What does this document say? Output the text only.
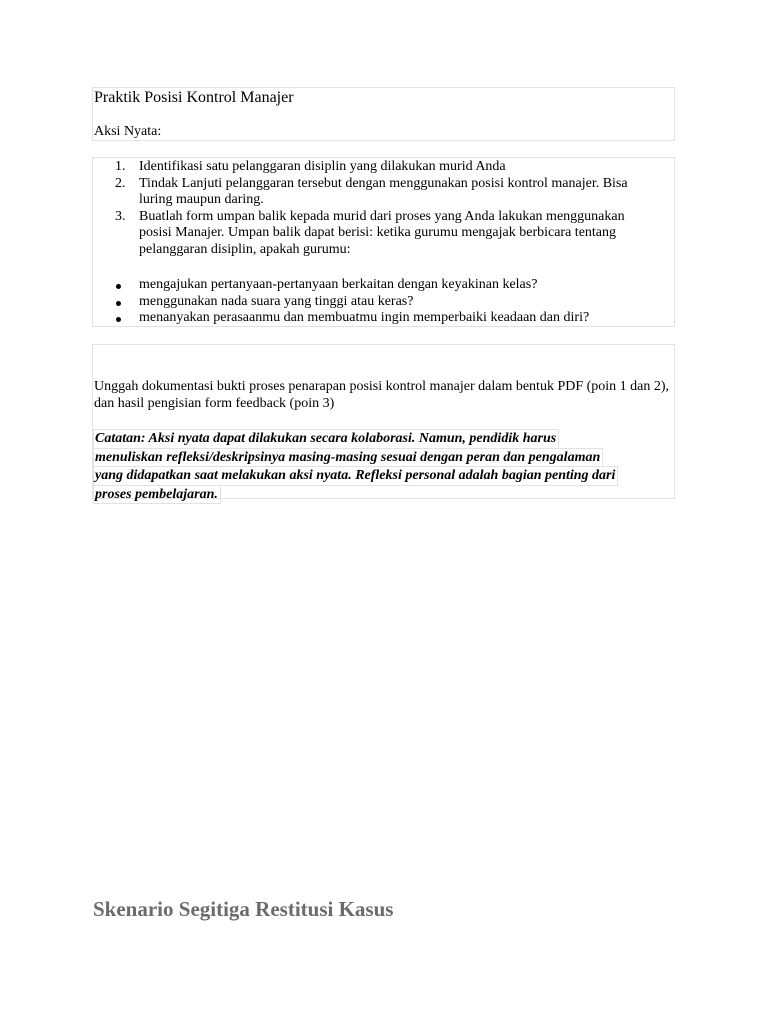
Praktik Posisi Kontrol Manajer
Aksi Nyata:
1. Identifikasi satu pelanggaran disiplin yang dilakukan murid Anda
2. Tindak Lanjuti pelanggaran tersebut dengan menggunakan posisi kontrol manajer. Bisa luring maupun daring.
3. Buatlah form umpan balik kepada murid dari proses yang Anda lakukan menggunakan posisi Manajer. Umpan balik dapat berisi: ketika gurumu mengajak berbicara tentang pelanggaran disiplin, apakah gurumu:
mengajukan pertanyaan-pertanyaan berkaitan dengan keyakinan kelas?
menggunakan nada suara yang tinggi atau keras?
menanyakan perasaanmu dan membuatmu ingin memperbaiki keadaan dan diri?
Unggah dokumentasi bukti proses penarapan posisi kontrol manajer dalam bentuk PDF (poin 1 dan 2), dan hasil pengisian form feedback (poin 3)
Catatan: Aksi nyata dapat dilakukan secara kolaborasi. Namun, pendidik harus
menuliskan refleksi/deskripsinya masing-masing sesuai dengan peran dan pengalaman
yang didapatkan saat melakukan aksi nyata. Refleksi personal adalah bagian penting dari
proses pembelajaran.
Skenario Segitiga Restitusi Kasus
